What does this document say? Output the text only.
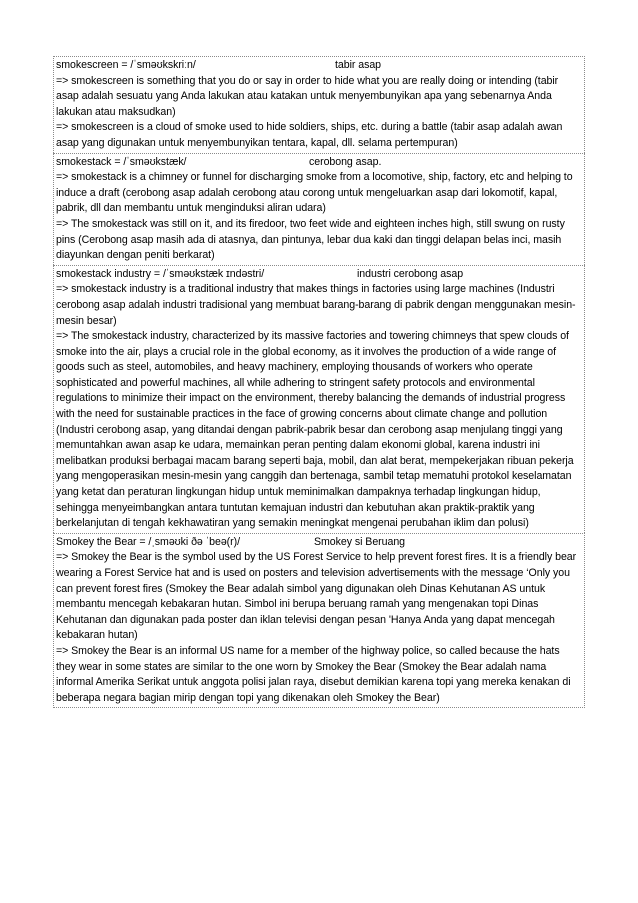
smokescreen = /ˈsməʊkskriːn/	tabir asap

=> smokescreen is something that you do or say in order to hide what you are really doing or intending (tabir asap adalah sesuatu yang Anda lakukan atau katakan untuk menyembunyikan apa yang sebenarnya Anda lakukan atau maksudkan)

=> smokescreen is a cloud of smoke used to hide soldiers, ships, etc. during a battle (tabir asap adalah awan asap yang digunakan untuk menyembunyikan tentara, kapal, dll. selama pertempuran)

smokestack = /ˈsməʊkstæk/	cerobong asap.

=> smokestack is a chimney or funnel for discharging smoke from a locomotive, ship, factory, etc and helping to induce a draft (cerobong asap adalah cerobong atau corong untuk mengeluarkan asap dari lokomotif, kapal, pabrik, dll dan membantu untuk menginduksi aliran udara)

=> The smokestack was still on it, and its firedoor, two feet wide and eighteen inches high, still swung on rusty pins (Cerobong asap masih ada di atasnya, dan pintunya, lebar dua kaki dan tinggi delapan belas inci, masih diayunkan dengan peniti berkarat)

smokestack industry = /ˈsməʊkstæk ɪndəstri/	industri cerobong asap

=> smokestack industry is a traditional industry that makes things in factories using large machines (Industri cerobong asap adalah industri tradisional yang membuat barang-barang di pabrik dengan menggunakan mesin-mesin besar)

=> The smokestack industry, characterized by its massive factories and towering chimneys that spew clouds of smoke into the air, plays a crucial role in the global economy, as it involves the production of a wide range of goods such as steel, automobiles, and heavy machinery, employing thousands of workers who operate sophisticated and powerful machines, all while adhering to stringent safety protocols and environmental regulations to minimize their impact on the environment, thereby balancing the demands of industrial progress with the need for sustainable practices in the face of growing concerns about climate change and pollution (Industri cerobong asap, yang ditandai dengan pabrik-pabrik besar dan cerobong asap menjulang tinggi yang memuntahkan awan asap ke udara, memainkan peran penting dalam ekonomi global, karena industri ini melibatkan produksi berbagai macam barang seperti baja, mobil, dan alat berat, mempekerjakan ribuan pekerja yang mengoperasikan mesin-mesin yang canggih dan bertenaga, sambil tetap mematuhi protokol keselamatan yang ketat dan peraturan lingkungan hidup untuk meminimalkan dampaknya terhadap lingkungan hidup, sehingga menyeimbangkan antara tuntutan kemajuan industri dan kebutuhan akan praktik-praktik yang berkelanjutan di tengah kekhawatiran yang semakin meningkat mengenai perubahan iklim dan polusi)

Smokey the Bear = /ˌsməʊki ðə ˈbeə(r)/	Smokey si Beruang

=> Smokey the Bear is the symbol used by the US Forest Service to help prevent forest fires. It is a friendly bear wearing a Forest Service hat and is used on posters and television advertisements with the message ‘Only you can prevent forest fires (Smokey the Bear adalah simbol yang digunakan oleh Dinas Kehutanan AS untuk membantu mencegah kebakaran hutan. Simbol ini berupa beruang ramah yang mengenakan topi Dinas Kehutanan dan digunakan pada poster dan iklan televisi dengan pesan 'Hanya Anda yang dapat mencegah kebakaran hutan)

=> Smokey the Bear is an informal US name for a member of the highway police, so called because the hats they wear in some states are similar to the one worn by Smokey the Bear (Smokey the Bear adalah nama informal Amerika Serikat untuk anggota polisi jalan raya, disebut demikian karena topi yang mereka kenakan di beberapa negara bagian mirip dengan topi yang dikenakan oleh Smokey the Bear)
